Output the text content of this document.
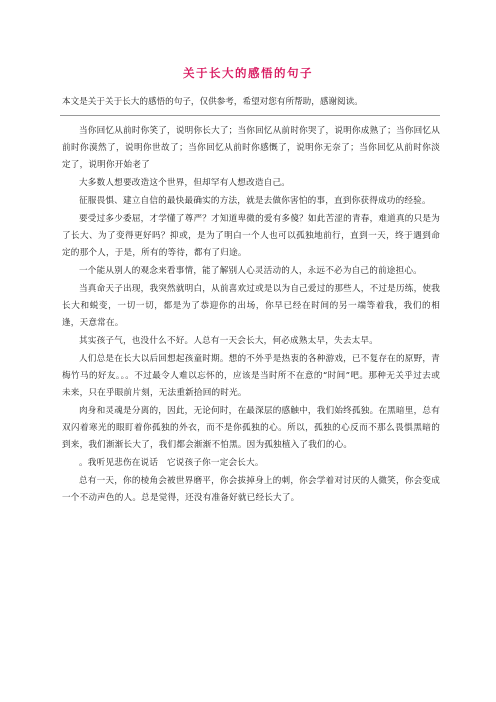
关于长大的感悟的句子
本文是关于关于长大的感悟的句子，仅供参考，希望对您有所帮助，感谢阅读。

当你回忆从前时你笑了，说明你长大了；当你回忆从前时你哭了，说明你成熟了；当你回忆从前时你漠然了，说明你世故了；当你回忆从前时你感慨了，说明你无奈了；当你回忆从前时你淡定了，说明你开始老了

大多数人想要改造这个世界，但却罕有人想改造自己。

征服畏惧、建立自信的最快最确实的方法，就是去做你害怕的事，直到你获得成功的经验。

要受过多少委屈，才学懂了尊严？才知道卑微的爱有多傻？如此苦涩的青春，难道真的只是为了长大、为了变得更好吗？抑或，是为了明白一个人也可以孤独地前行，直到一天，终于遇到命定的那个人，于是，所有的等待，都有了归途。

一个能从别人的观念来看事情，能了解别人心灵活动的人，永远不必为自己的前途担心。

当真命天子出现，我突然就明白，从前喜欢过或是以为自己爱过的那些人，不过是历练，使我长大和蜕变，一切一切，都是为了恭迎你的出场，你早已经在时间的另一端等着我，我们的相逢，天意常在。

其实孩子气，也没什么不好。人总有一天会长大，何必成熟太早，失去太早。

人们总是在长大以后回想起孩童时期。想的不外乎是热衷的各种游戏，已不复存在的原野，青梅竹马的好友。。。不过最令人难以忘怀的，应该是当时所不在意的“时间”吧。那种无关乎过去或未来，只在乎眼前片刻，无法重新拾回的时光。

肉身和灵魂是分离的，因此，无论何时，在最深层的感触中，我们始终孤独。在黑暗里，总有双闪着寒光的眼盯着你孤独的外衣，而不是你孤独的心。所以，孤独的心反而不那么畏惧黑暗的到来，我们渐渐长大了，我们都会渐渐不怕黑。因为孤独植入了我们的心。

。我听见悲伤在说话　它说孩子你一定会长大。

总有一天，你的棱角会被世界磨平，你会拔掉身上的刺，你会学着对讨厌的人微笑，你会变成一个不动声色的人。总是觉得，还没有准备好就已经长大了。
